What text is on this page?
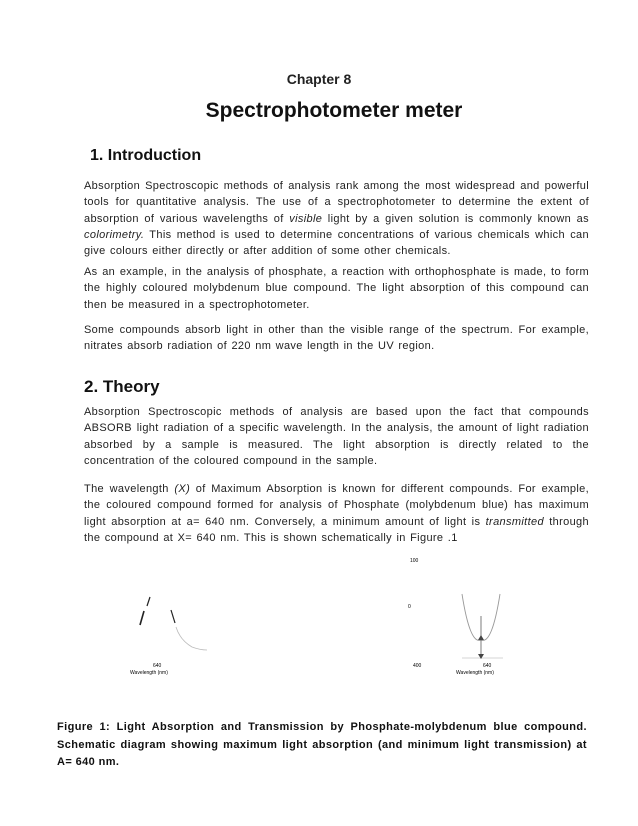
Chapter 8
Spectrophotometer meter
1. Introduction
Absorption Spectroscopic methods of analysis rank among the most widespread and powerful tools for quantitative analysis. The use of a spectrophotometer to determine the extent of absorption of various wavelengths of visible light by a given solution is commonly known as colorimetry. This method is used to determine concentrations of various chemicals which can give colours either directly or after addition of some other chemicals.
As an example, in the analysis of phosphate, a reaction with orthophosphate is made, to form the highly coloured molybdenum blue compound. The light absorption of this compound can then be measured in a spectrophotometer.
Some compounds absorb light in other than the visible range of the spectrum. For example, nitrates absorb radiation of 220 nm wave length in the UV region.
2. Theory
Absorption Spectroscopic methods of analysis are based upon the fact that compounds ABSORB light radiation of a specific wavelength. In the analysis, the amount of light radiation absorbed by a sample is measured. The light absorption is directly related to the concentration of the coloured compound in the sample.
The wavelength (X) of Maximum Absorption is known for different compounds. For example, the coloured compound formed for analysis of Phosphate (molybdenum blue) has maximum light absorption at a= 640 nm. Conversely, a minimum amount of light is transmitted through the compound at X= 640 nm. This is shown schematically in Figure .1
640
Wavelength (nm)
100
0
400	640
Wavelength (nm)
Figure 1: Light Absorption and Transmission by Phosphate-molybdenum blue compound. Schematic diagram showing maximum light absorption (and minimum light transmission) at A= 640 nm.
